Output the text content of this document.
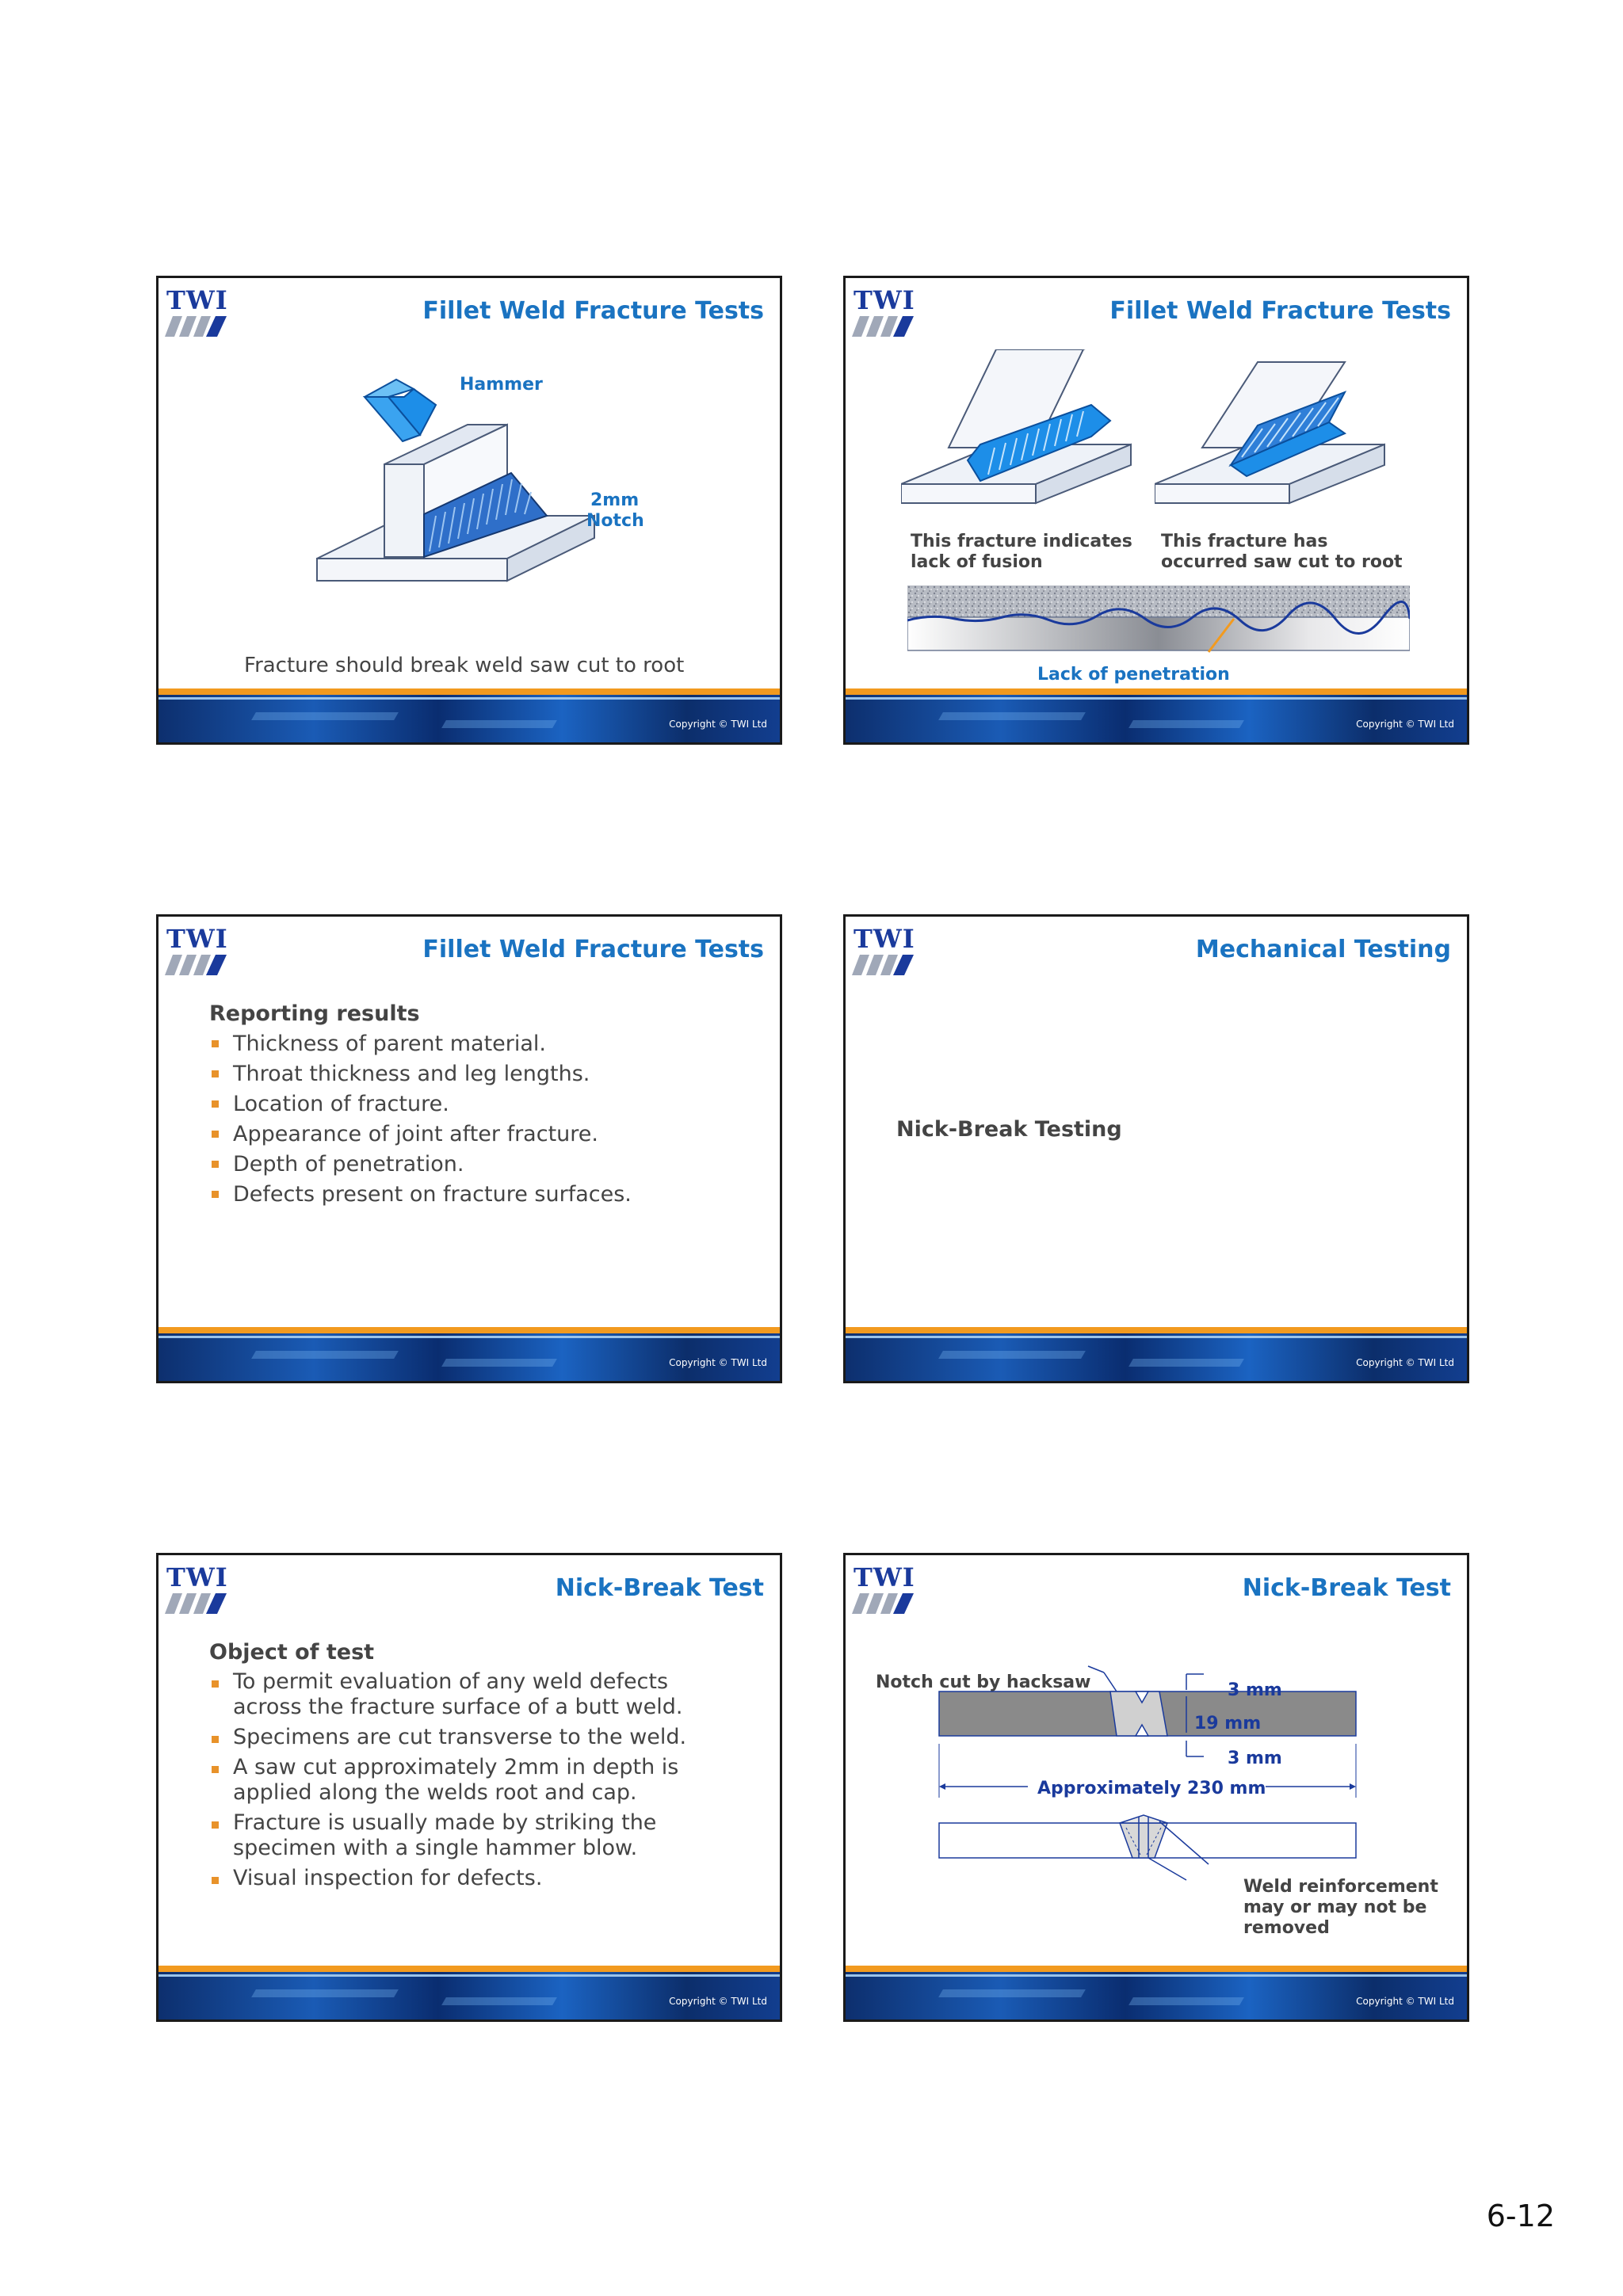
TWI	Fillet Weld Fracture Tests
Hammer
2mm
Notch
Fracture should break weld saw cut to root
Copyright © TWI Ltd
TWI	Fillet Weld Fracture Tests
This fracture indicates
lack of fusion
This fracture has
occurred saw cut to root
Lack of penetration
Copyright © TWI Ltd
TWI	Fillet Weld Fracture Tests
Reporting results
Thickness of parent material.
Throat thickness and leg lengths.
Location of fracture.
Appearance of joint after fracture.
Depth of penetration.
Defects present on fracture surfaces.
Copyright © TWI Ltd
TWI	Mechanical Testing
Nick-Break Testing
Copyright © TWI Ltd
TWI	Nick-Break Test
Object of test
To permit evaluation of any weld defects
across the fracture surface of a butt weld.
Specimens are cut transverse to the weld.
A saw cut approximately 2mm in depth is
applied along the welds root and cap.
Fracture is usually made by striking the
specimen with a single hammer blow.
Visual inspection for defects.
Copyright © TWI Ltd
TWI	Nick-Break Test
Notch cut by hacksaw	3 mm
19 mm
3 mm
Approximately 230 mm
Weld reinforcement
may or may not be
removed
Copyright © TWI Ltd
6-12
